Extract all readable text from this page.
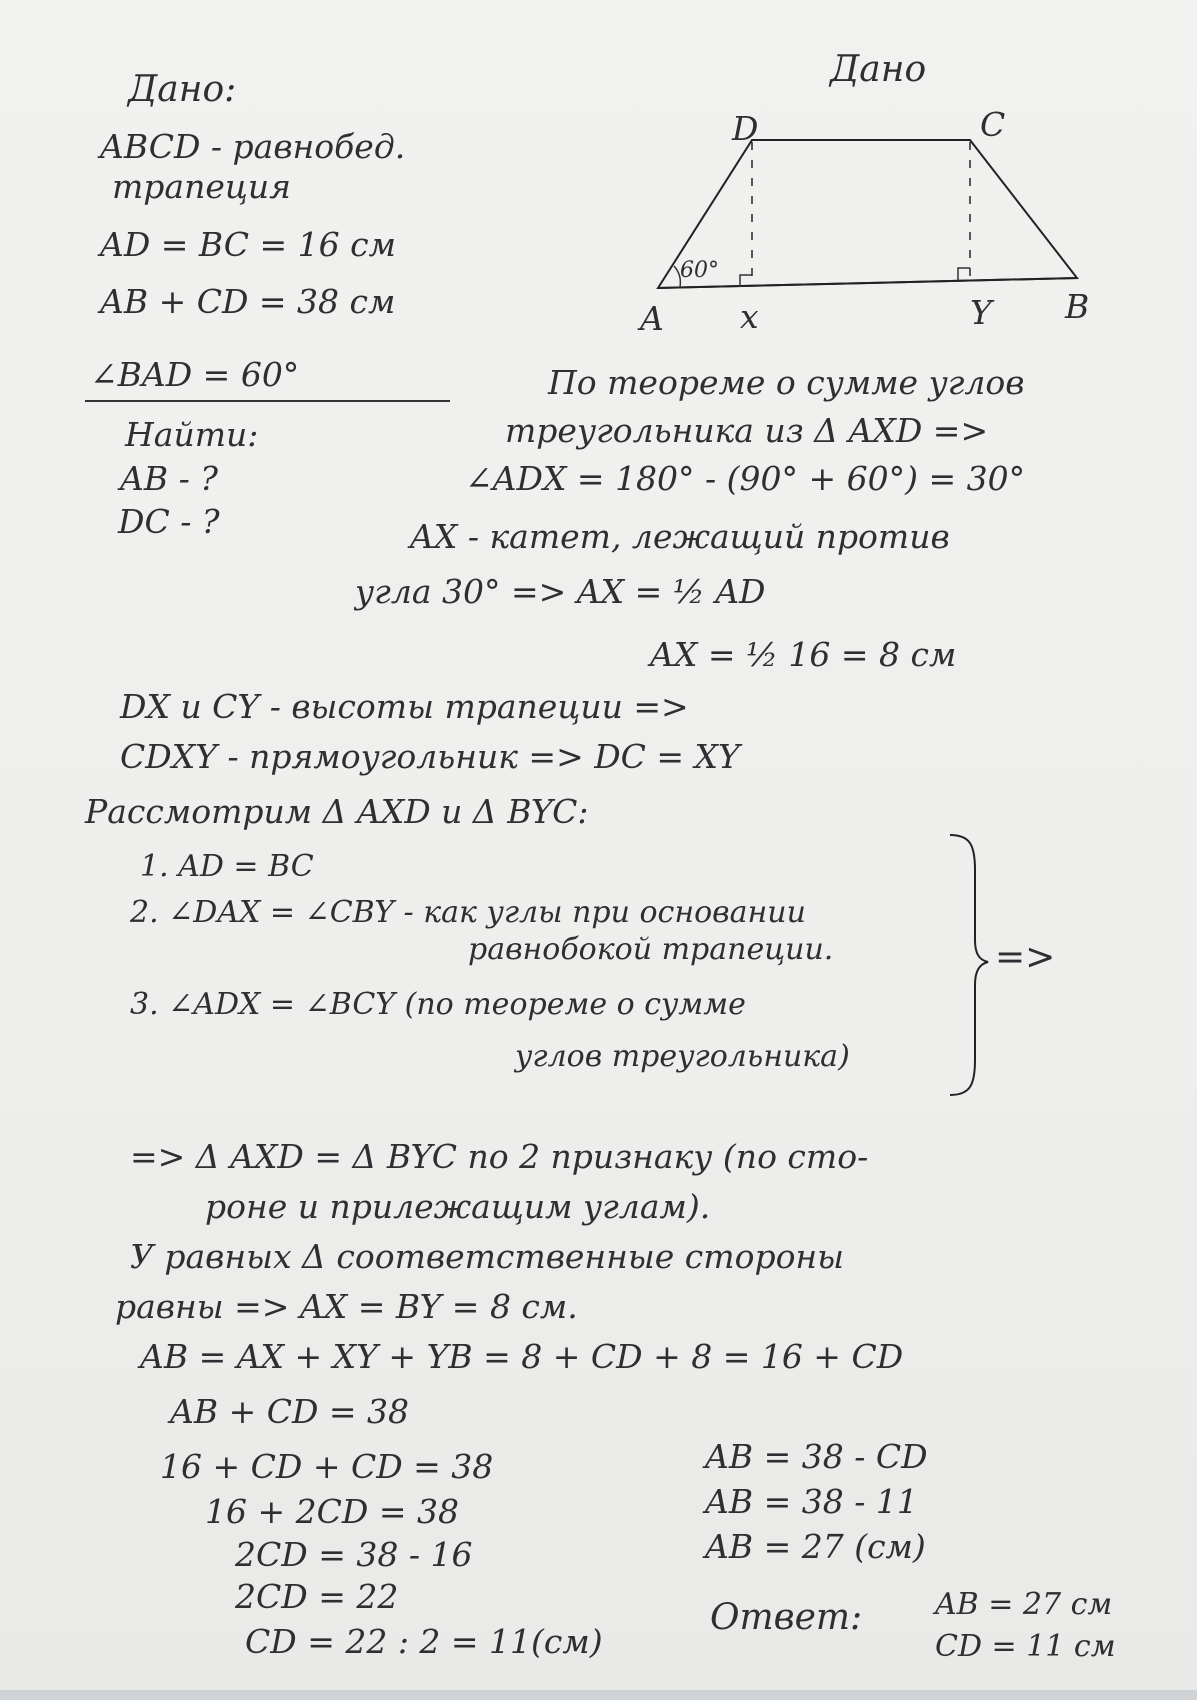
Дано:
ABCD - равнобед.
трапеция
AD = BC = 16 см
AB + CD = 38 см
∠BAD = 60°
Найти:
AB - ?
DC - ?
Дано
D	C
A	B
x	Y
60°
По теореме о сумме углов
треугольника из Δ AXD =>
∠ADX = 180° - (90° + 60°) = 30°
AX - катет, лежащий против
угла 30° => AX = ½ AD
AX = ½ 16 = 8 см
DX и CY - высоты трапеции =>
CDXY - прямоугольник => DC = XY
Рассмотрим Δ AXD и Δ BYC:
1. AD = BC
2. ∠DAX = ∠CBY - как углы при основании
равнобокой трапеции.
3. ∠ADX = ∠BCY (по теореме о сумме
углов треугольника)
=>
=> Δ AXD = Δ BYC по 2 признаку (по сто-
роне и прилежащим углам).
У равных Δ соответственные стороны
равны => AX = BY = 8 см.
AB = AX + XY + YB = 8 + CD + 8 = 16 + CD
AB + CD = 38
16 + CD + CD = 38
16 + 2CD = 38
2CD = 38 - 16
2CD = 22
CD = 22 : 2 = 11(см)
AB = 38 - CD
AB = 38 - 11
AB = 27 (см)
Ответ: AB = 27 см
CD = 11 см
